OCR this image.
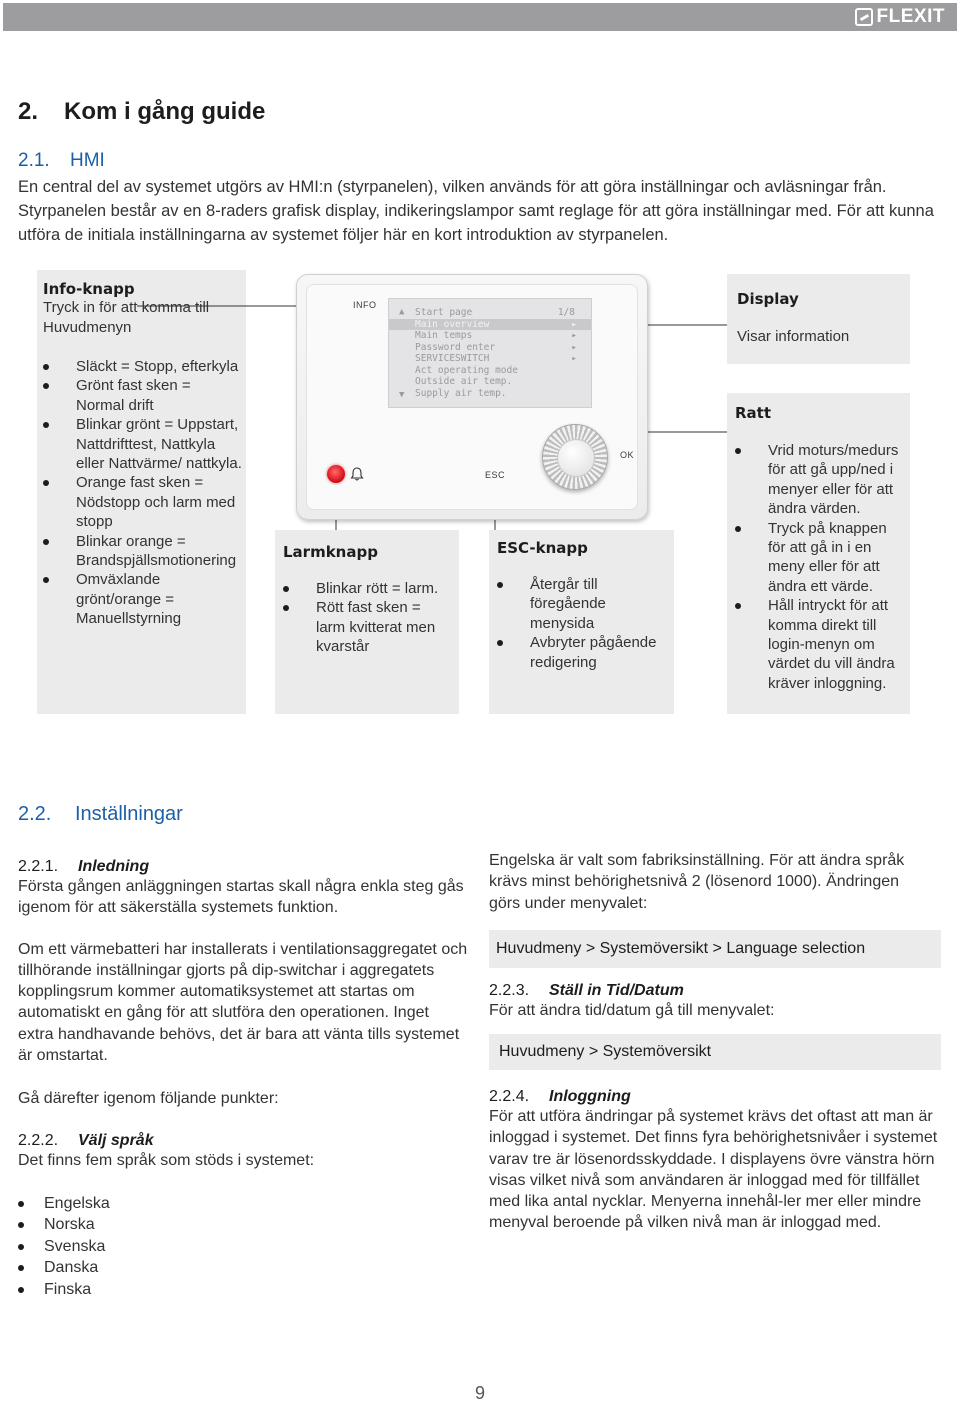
FLEXIT
2. Kom i gång guide
2.1. HMI

En central del av systemet utgörs av HMI:n (styrpanelen), vilken används för att göra inställningar och avläsningar från. Styrpanelen består av en 8-raders grafisk display, indikeringslampor samt reglage för att göra inställningar med. För att kunna utföra de initiala inställningarna av systemet följer här en kort introduktion av styrpanelen.

Info-knapp
Tryck in för att komma till Huvudmenyn
Släckt = Stopp, efterkyla
Grönt fast sken = Normal drift
Blinkar grönt = Uppstart, Nattdrifttest, Nattkyla eller Nattvärme/ nattkyla.
Orange fast sken = Nödstopp och larm med stopp
Blinkar orange = Brandspjällsmotionering
Omväxlande grönt/orange = Manuellstyrning
Larmknapp
Blinkar rött = larm.
Rött fast sken = larm kvitterat men kvarstår
ESC-knapp
Återgår till föregående menysida
Avbryter pågående redigering
Display
Visar information
Ratt
Vrid moturs/medurs för att gå upp/ned i menyer eller för att ändra värden.
Tryck på knappen för att gå in i en meny eller för att ändra ett värde.
Håll intryckt för att komma direkt till login-menyn om värdet du vill ändra kräver inloggning.
INFO
▲
▼
1/8
Start page
Main overview	▸
Main temps	▸
Password enter	▸
SERVICESWITCH	▸
Act operating mode
Outside air temp.
Supply air temp.
ESC
OK
2.2. Inställningar
2.2.1. Inledning

Första gången anläggningen startas skall några enkla steg gås igenom för att säkerställa systemets funktion.

Om ett värmebatteri har installerats i ventilationsaggregatet och tillhörande inställningar gjorts på dip-switchar i aggregatets kopplingsrum kommer automatiksystemet att startas om automatiskt en gång för att slutföra den operationen. Inget extra handhavande behövs, det är bara att vänta tills systemet är omstartat.

Gå därefter igenom följande punkter:

2.2.2. Välj språk

Det finns fem språk som stöds i systemet:

Engelska
Norska
Svenska
Danska
Finska

Engelska är valt som fabriksinställning. För att ändra språk krävs minst behörighetsnivå 2 (lösenord 1000). Ändringen görs under menyvalet:

Huvudmeny > Systemöversikt > Language selection
2.2.3. Ställ in Tid/Datum

För att ändra tid/datum gå till menyvalet:

Huvudmeny > Systemöversikt
2.2.4. Inloggning

För att utföra ändringar på systemet krävs det oftast att man är inloggad i systemet. Det finns fyra behörighetsnivåer i systemet varav tre är lösenordsskyddade. I displayens övre vänstra hörn visas vilket nivå som användaren är inloggad med för tillfället med lika antal nycklar. Menyerna innehål-ler mer eller mindre menyval beroende på vilken nivå man är inloggad med.

9
